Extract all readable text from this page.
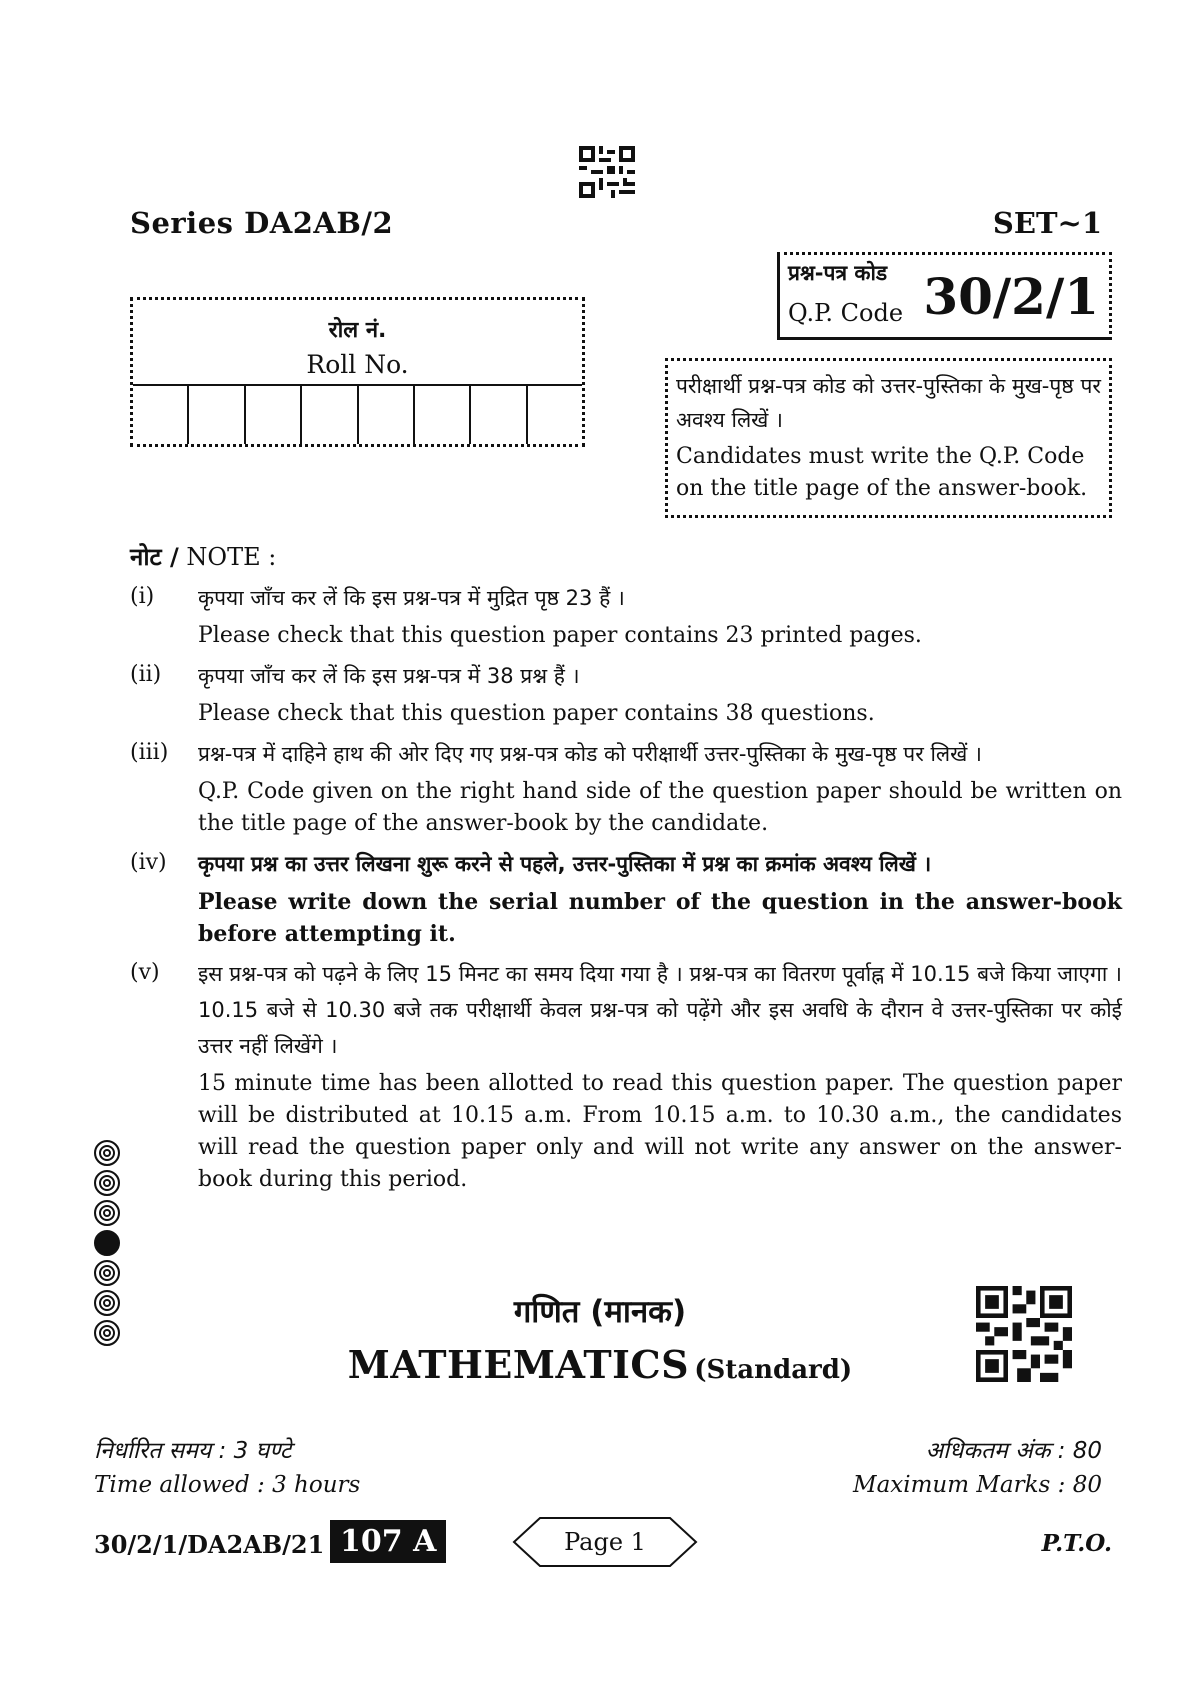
Series DA2AB/2	SET~1
प्रश्न-पत्र कोड
Q.P. Code 30/2/1
रोल नं.
Roll No.
परीक्षार्थी प्रश्न-पत्र कोड को उत्तर-पुस्तिका के मुख-पृष्ठ पर अवश्य लिखें ।
Candidates must write the Q.P. Code on the title page of the answer-book.
नोट / NOTE :
(i) कृपया जाँच कर लें कि इस प्रश्न-पत्र में मुद्रित पृष्ठ 23 हैं ।
Please check that this question paper contains 23 printed pages.
(ii) कृपया जाँच कर लें कि इस प्रश्न-पत्र में 38 प्रश्न हैं ।
Please check that this question paper contains 38 questions.
(iii) प्रश्न-पत्र में दाहिने हाथ की ओर दिए गए प्रश्न-पत्र कोड को परीक्षार्थी उत्तर-पुस्तिका के मुख-पृष्ठ पर लिखें ।
Q.P. Code given on the right hand side of the question paper should be written on the title page of the answer-book by the candidate.
(iv) कृपया प्रश्न का उत्तर लिखना शुरू करने से पहले, उत्तर-पुस्तिका में प्रश्न का क्रमांक अवश्य लिखें ।
Please write down the serial number of the question in the answer-book before attempting it.
(v) इस प्रश्न-पत्र को पढ़ने के लिए 15 मिनट का समय दिया गया है । प्रश्न-पत्र का वितरण पूर्वाह्न में 10.15 बजे किया जाएगा । 10.15 बजे से 10.30 बजे तक परीक्षार्थी केवल प्रश्न-पत्र को पढ़ेंगे और इस अवधि के दौरान वे उत्तर-पुस्तिका पर कोई उत्तर नहीं लिखेंगे ।
15 minute time has been allotted to read this question paper. The question paper will be distributed at 10.15 a.m. From 10.15 a.m. to 10.30 a.m., the candidates will read the question paper only and will not write any answer on the answer-book during this period.
गणित (मानक)
MATHEMATICS (Standard)
निर्धारित समय : 3 घण्टे
Time allowed : 3 hours
अधिकतम अंक : 80
Maximum Marks : 80
30/2/1/DA2AB/21 107 A	Page 1	P.T.O.
